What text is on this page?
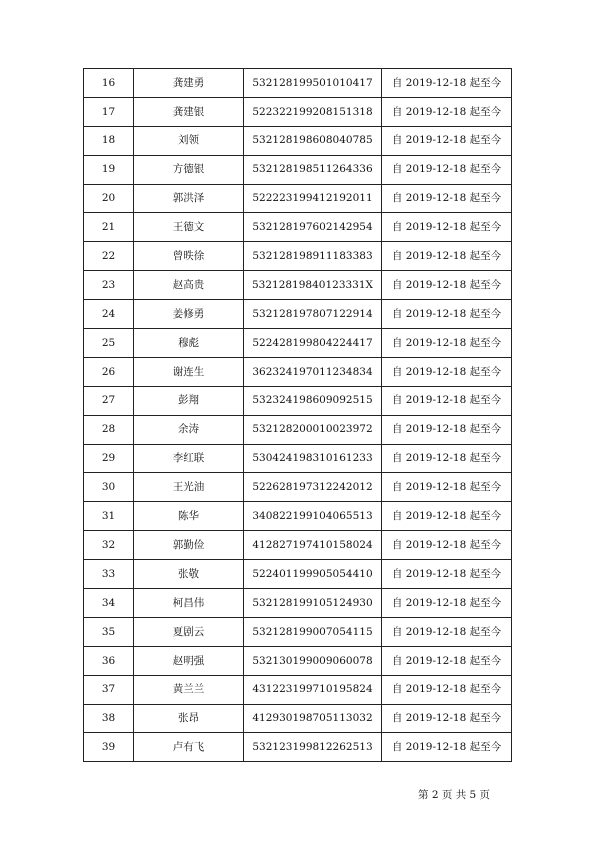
16	龚建勇	532128199501010417	自 2019-12-18 起至今
17	龚建银	522322199208151318	自 2019-12-18 起至今
18	刘领	532128198608040785	自 2019-12-18 起至今
19	方德银	532128198511264336	自 2019-12-18 起至今
20	郭洪泽	522223199412192011	自 2019-12-18 起至今
21	王德文	532128197602142954	自 2019-12-18 起至今
22	曾昳徐	532128198911183383	自 2019-12-18 起至今
23	赵高贵	53212819840123331X	自 2019-12-18 起至今
24	姜修勇	532128197807122914	自 2019-12-18 起至今
25	穆彪	522428199804224417	自 2019-12-18 起至今
26	谢连生	362324197011234834	自 2019-12-18 起至今
27	彭翔	532324198609092515	自 2019-12-18 起至今
28	余涛	532128200010023972	自 2019-12-18 起至今
29	李红联	530424198310161233	自 2019-12-18 起至今
30	王光油	522628197312242012	自 2019-12-18 起至今
31	陈华	340822199104065513	自 2019-12-18 起至今
32	郭勤俭	412827197410158024	自 2019-12-18 起至今
33	张敬	522401199905054410	自 2019-12-18 起至今
34	柯昌伟	532128199105124930	自 2019-12-18 起至今
35	夏剧云	532128199007054115	自 2019-12-18 起至今
36	赵明强	532130199009060078	自 2019-12-18 起至今
37	黄兰兰	431223199710195824	自 2019-12-18 起至今
38	张昂	412930198705113032	自 2019-12-18 起至今
39	卢有飞	532123199812262513	自 2019-12-18 起至今
第 2 页 共 5 页
